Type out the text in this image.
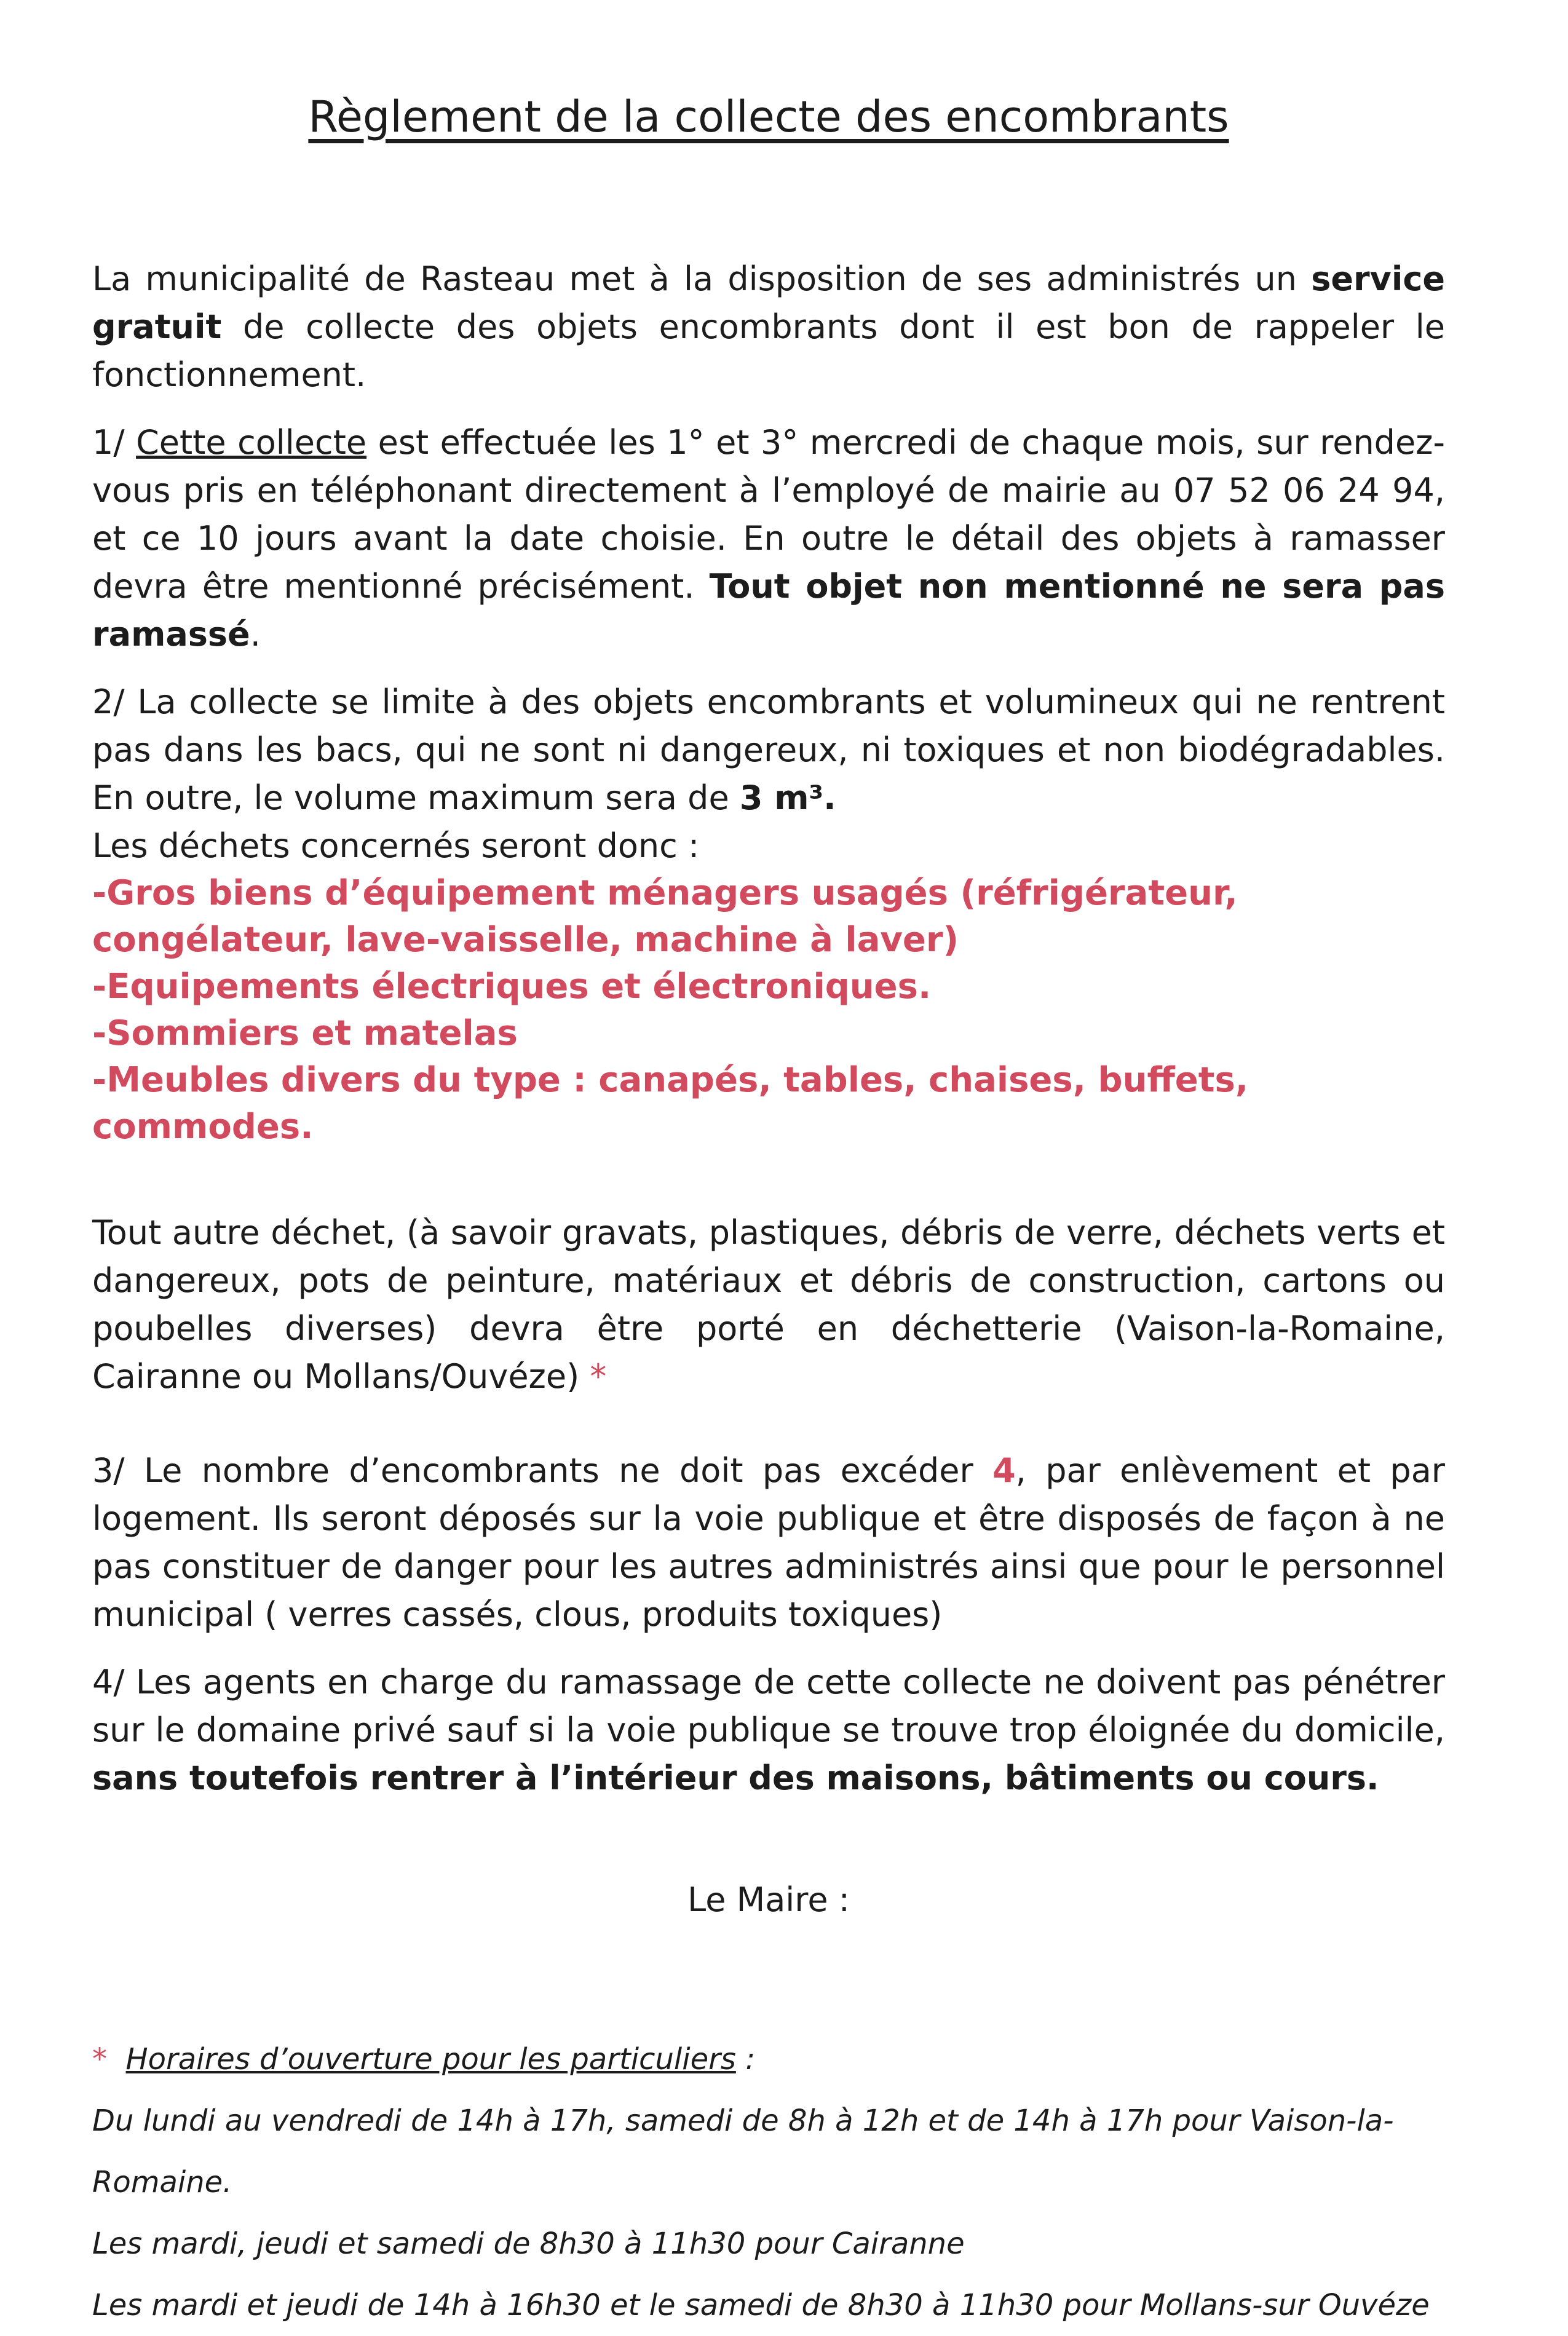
Règlement de la collecte des encombrants

La municipalité de Rasteau met à la disposition de ses administrés un service gratuit de collecte des objets encombrants dont il est bon de rappeler le fonctionnement.

1/ Cette collecte est effectuée les 1° et 3° mercredi de chaque mois, sur rendez-vous pris en téléphonant directement à l’employé de mairie au 07 52 06 24 94, et ce 10 jours avant la date choisie. En outre le détail des objets à ramasser devra être mentionné précisément. Tout objet non mentionné ne sera pas ramassé.

2/ La collecte se limite à des objets encombrants et volumineux qui ne rentrent pas dans les bacs, qui ne sont ni dangereux, ni toxiques et non biodégradables. En outre, le volume maximum sera de 3 m³.

Les déchets concernés seront donc :

-Gros biens d’équipement ménagers usagés (réfrigérateur, congélateur, lave-vaisselle, machine à laver)
-Equipements électriques et électroniques.
-Sommiers et matelas
-Meubles divers du type : canapés, tables, chaises, buffets, commodes.

Tout autre déchet, (à savoir gravats, plastiques, débris de verre, déchets verts et dangereux, pots de peinture, matériaux et débris de construction, cartons ou poubelles diverses) devra être porté en déchetterie (Vaison-la-Romaine, Cairanne ou Mollans/Ouvéze) *

3/ Le nombre d’encombrants ne doit pas excéder 4, par enlèvement et par logement. Ils seront déposés sur la voie publique et être disposés de façon à ne pas constituer de danger pour les autres administrés ainsi que pour le personnel municipal ( verres cassés, clous, produits toxiques)

4/ Les agents en charge du ramassage de cette collecte ne doivent pas pénétrer sur le domaine privé sauf si la voie publique se trouve trop éloignée du domicile, sans toutefois rentrer à l’intérieur des maisons, bâtiments ou cours.

Le Maire :
* Horaires d’ouverture pour les particuliers :
Du lundi au vendredi de 14h à 17h, samedi de 8h à 12h et de 14h à 17h pour Vaison-la-Romaine.
Les mardi, jeudi et samedi de 8h30 à 11h30 pour Cairanne
Les mardi et jeudi de 14h à 16h30 et le samedi de 8h30 à 11h30 pour Mollans-sur Ouvéze
